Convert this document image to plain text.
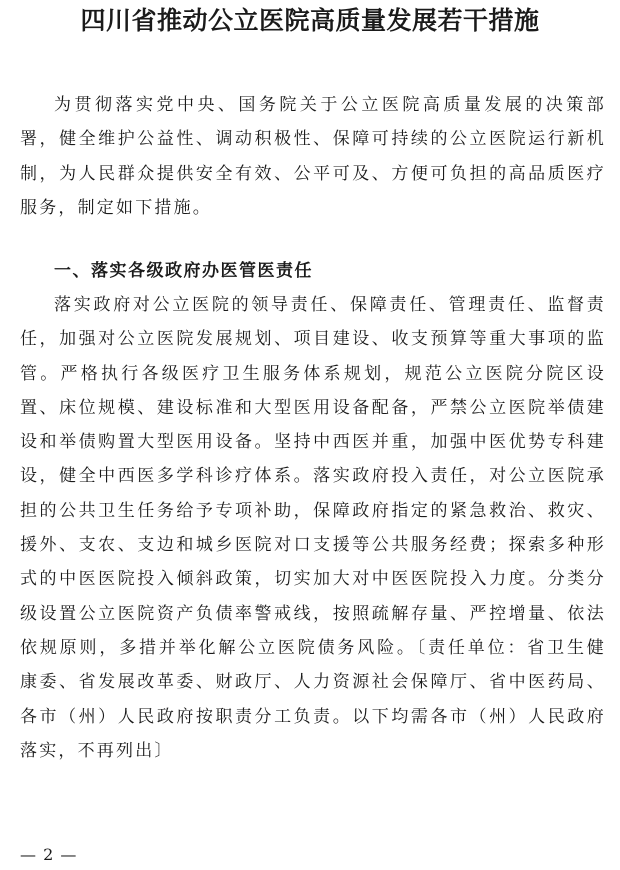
四川省推动公立医院高质量发展若干措施

为贯彻落实党中央、国务院关于公立医院高质量发展的决策部署，健全维护公益性、调动积极性、保障可持续的公立医院运行新机制，为人民群众提供安全有效、公平可及、方便可负担的高品质医疗服务，制定如下措施。

一、落实各级政府办医管医责任

落实政府对公立医院的领导责任、保障责任、管理责任、监督责任，加强对公立医院发展规划、项目建设、收支预算等重大事项的监管。严格执行各级医疗卫生服务体系规划，规范公立医院分院区设置、床位规模、建设标准和大型医用设备配备，严禁公立医院举债建设和举债购置大型医用设备。坚持中西医并重，加强中医优势专科建设，健全中西医多学科诊疗体系。落实政府投入责任，对公立医院承担的公共卫生任务给予专项补助，保障政府指定的紧急救治、救灾、援外、支农、支边和城乡医院对口支援等公共服务经费；探索多种形式的中医医院投入倾斜政策，切实加大对中医医院投入力度。分类分级设置公立医院资产负债率警戒线，按照疏解存量、严控增量、依法依规原则，多措并举化解公立医院债务风险。〔责任单位：省卫生健康委、省发展改革委、财政厅、人力资源社会保障厅、省中医药局、各市（州）人民政府按职责分工负责。以下均需各市（州）人民政府落实，不再列出〕

— 2 —
